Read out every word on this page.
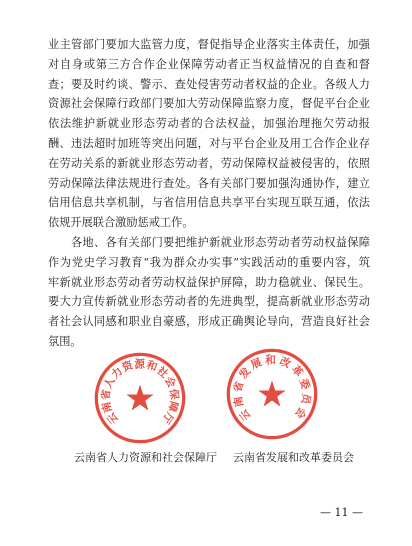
业主管部门要加大监管力度，督促指导企业落实主体责任，加强
对自身或第三方合作企业保障劳动者正当权益情况的自查和督
查；要及时约谈、警示、查处侵害劳动者权益的企业。各级人力
资源社会保障行政部门要加大劳动保障监察力度，督促平台企业
依法维护新就业形态劳动者的合法权益，加强治理拖欠劳动报
酬、违法超时加班等突出问题，对与平台企业及用工合作企业存
在劳动关系的新就业形态劳动者，劳动保障权益被侵害的，依照
劳动保障法律法规进行查处。各有关部门要加强沟通协作，建立
信用信息共享机制，与省信用信息共享平台实现互联互通，依法
依规开展联合激励惩戒工作。
各地、各有关部门要把维护新就业形态劳动者劳动权益保障
作为党史学习教育“我为群众办实事”实践活动的重要内容，筑
牢新就业形态劳动者劳动权益保护屏障，助力稳就业、保民生。
要大力宣传新就业形态劳动者的先进典型，提高新就业形态劳动
者社会认同感和职业自豪感，形成正确舆论导向，营造良好社会
氛围。
云南省人力资源和社会保障厅 云南省发展和改革委员会
云南省人力资源和社会保障厅	云南省发展和改革委员会
— 11 —
